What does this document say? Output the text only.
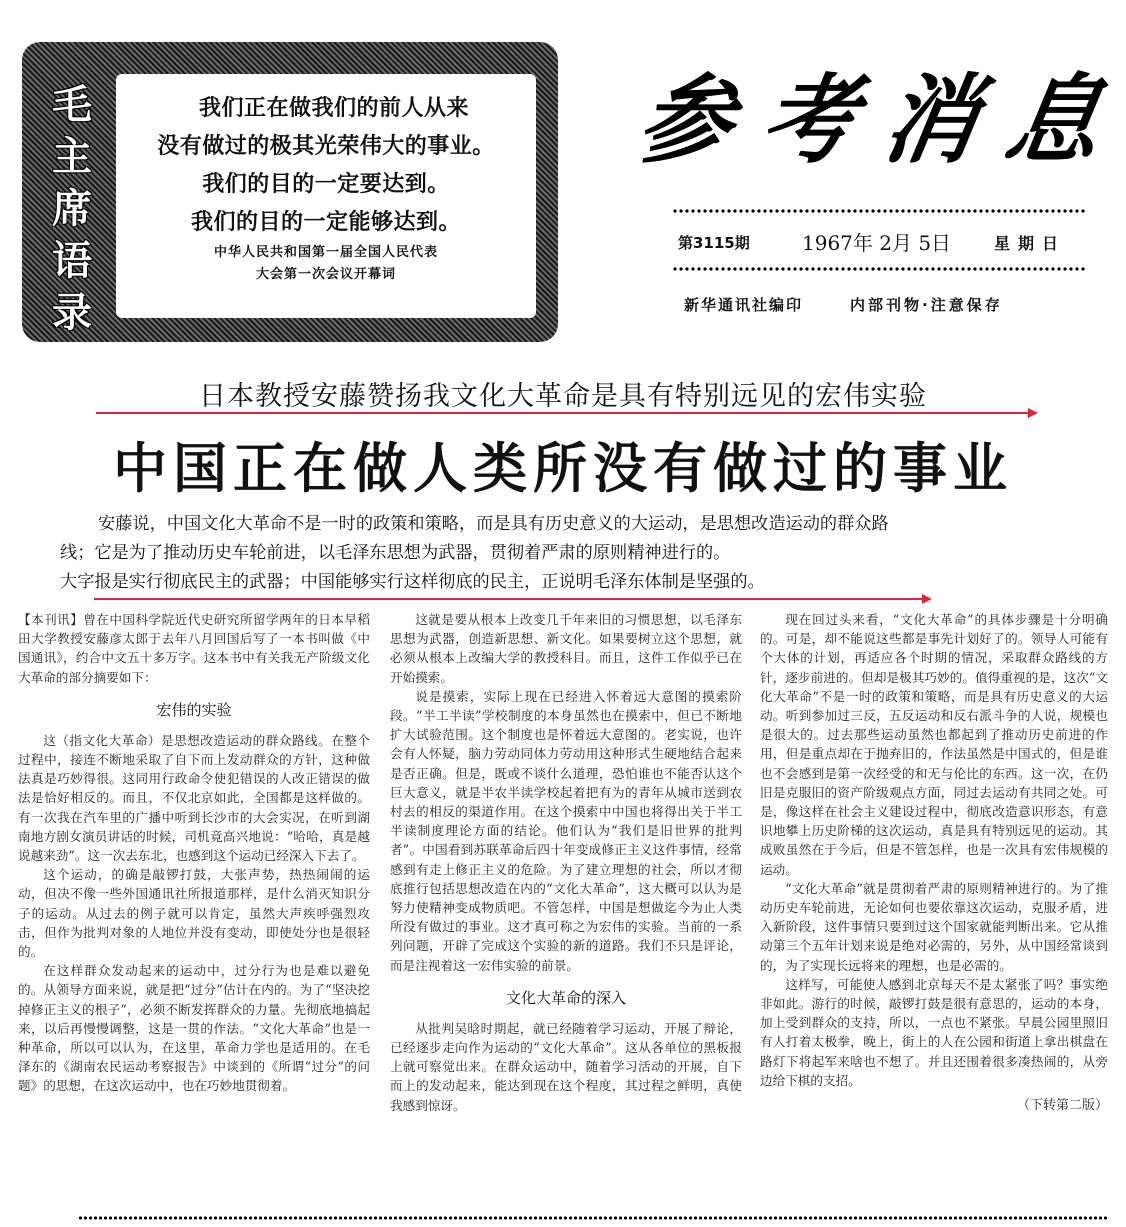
毛
主
席
语
录
我们正在做我们的前人从来
没有做过的极其光荣伟大的事业。
我们的目的一定要达到。
我们的目的一定能够达到。
中华人民共和国第一届全国人民代表
大会第一次会议开幕词
参 考 消 息
第3115期	1967年 2月 5日	星期日
新华通讯社编印	内部刊物·注意保存
日本教授安藤赞扬我文化大革命是具有特别远见的宏伟实验
中国正在做人类所没有做过的事业
安藤说，中国文化大革命不是一时的政策和策略，而是具有历史意义的大运动，是思想改造运动的群众路
线；它是为了推动历史车轮前进，以毛泽东思想为武器，贯彻着严肃的原则精神进行的。
大字报是实行彻底民主的武器；中国能够实行这样彻底的民主，正说明毛泽东体制是坚强的。

【本刊讯】曾在中国科学院近代史研究所留学两年的日本早稻田大学教授安藤彦太郎于去年八月回国后写了一本书叫做《中国通讯》，约合中文五十多万字。这本书中有关我无产阶级文化大革命的部分摘要如下：

宏伟的实验

这（指文化大革命）是思想改造运动的群众路线。在整个过程中，接连不断地采取了自下而上发动群众的方针，这种做法真是巧妙得很。这同用行政命令使犯错误的人改正错误的做法是恰好相反的。而且，不仅北京如此，全国都是这样做的。有一次我在汽车里的广播中听到长沙市的大会实况，在听到湖南地方剧女演员讲话的时候，司机竟高兴地说：“哈哈，真是越说越来劲”。这一次去东北，也感到这个运动已经深入下去了。

这个运动，的确是敲锣打鼓，大张声势，热热闹闹的运动，但决不像一些外国通讯社所报道那样，是什么消灭知识分子的运动。从过去的例子就可以肯定，虽然大声疾呼强烈攻击，但作为批判对象的人地位并没有变动，即使处分也是很轻的。

在这样群众发动起来的运动中，过分行为也是难以避免的。从领导方面来说，就是把“过分”估计在内的。为了“坚决挖掉修正主义的根子”，必须不断发挥群众的力量。先彻底地搞起来，以后再慢慢调整，这是一贯的作法。“文化大革命”也是一种革命，所以可以认为，在这里，革命力学也是适用的。在毛泽东的《湖南农民运动考察报告》中谈到的《所谓“过分”的问题》的思想，在这次运动中，也在巧妙地贯彻着。

这就是要从根本上改变几千年来旧的习惯思想，以毛泽东思想为武器，创造新思想、新文化。如果要树立这个思想，就必须从根本上改编大学的教授科目。而且，这件工作似乎已在开始摸索。

说是摸索，实际上现在已经进入怀着远大意图的摸索阶段。“半工半读”学校制度的本身虽然也在摸索中，但已不断地扩大试验范围。这个制度也是怀着远大意图的。老实说，也许会有人怀疑，脑力劳动同体力劳动用这种形式生硬地结合起来是否正确。但是，既或不谈什么道理，恐怕谁也不能否认这个巨大意义，就是半农半读学校起着把有为的青年从城市送到农村去的相反的渠道作用。在这个摸索中中国也将得出关于半工半读制度理论方面的结论。他们认为“我们是旧世界的批判者”。中国看到苏联革命后四十年变成修正主义这件事情，经常感到有走上修正主义的危险。为了建立理想的社会，所以才彻底推行包括思想改造在内的“文化大革命”，这大概可以认为是努力使精神变成物质吧。不管怎样，中国是想做迄今为止人类所没有做过的事业。这才真可称之为宏伟的实验。当前的一系列问题，开辟了完成这个实验的新的道路。我们不只是评论，而是注视着这一宏伟实验的前景。

文化大革命的深入

从批判吴晗时期起，就已经随着学习运动，开展了辩论，已经逐步走向作为运动的“文化大革命”。这从各单位的黑板报上就可察觉出来。在群众运动中，随着学习活动的开展，自下而上的发动起来，能达到现在这个程度，其过程之鲜明，真使我感到惊讶。

现在回过头来看，“文化大革命”的具体步骤是十分明确的。可是，却不能说这些都是事先计划好了的。领导人可能有个大体的计划，再适应各个时期的情况，采取群众路线的方针，逐步前进的。但却是极其巧妙的。值得重视的是，这次“文化大革命”不是一时的政策和策略，而是具有历史意义的大运动。听到参加过三反，五反运动和反右派斗争的人说，规模也是很大的。过去那些运动虽然也都起到了推动历史前进的作用，但是重点却在于抛弃旧的，作法虽然是中国式的，但是谁也不会感到是第一次经受的和无与伦比的东西。这一次，在仍旧是克服旧的资产阶级观点方面，同过去运动有共同之处。可是，像这样在社会主义建设过程中，彻底改造意识形态，有意识地攀上历史阶梯的这次运动，真是具有特别远见的运动。其成败虽然在于今后，但是不管怎样，也是一次具有宏伟规模的运动。

“文化大革命”就是贯彻着严肃的原则精神进行的。为了推动历史车轮前进，无论如何也要依靠这次运动，克服矛盾，进入新阶段，这件事情只要到过这个国家就能判断出来。它从推动第三个五年计划来说是绝对必需的，另外，从中国经常谈到的，为了实现长远将来的理想，也是必需的。

这样写，可能使人感到北京每天不是太紧张了吗？事实绝非如此。游行的时候，敲锣打鼓是很有意思的，运动的本身，加上受到群众的支持，所以，一点也不紧张。早晨公园里照旧有人打着太极拳，晚上，街上的人在公园和街道上拿出棋盘在路灯下将起军来啥也不想了。并且还围着很多凑热闹的，从旁边给下棋的支招。

（下转第二版）
